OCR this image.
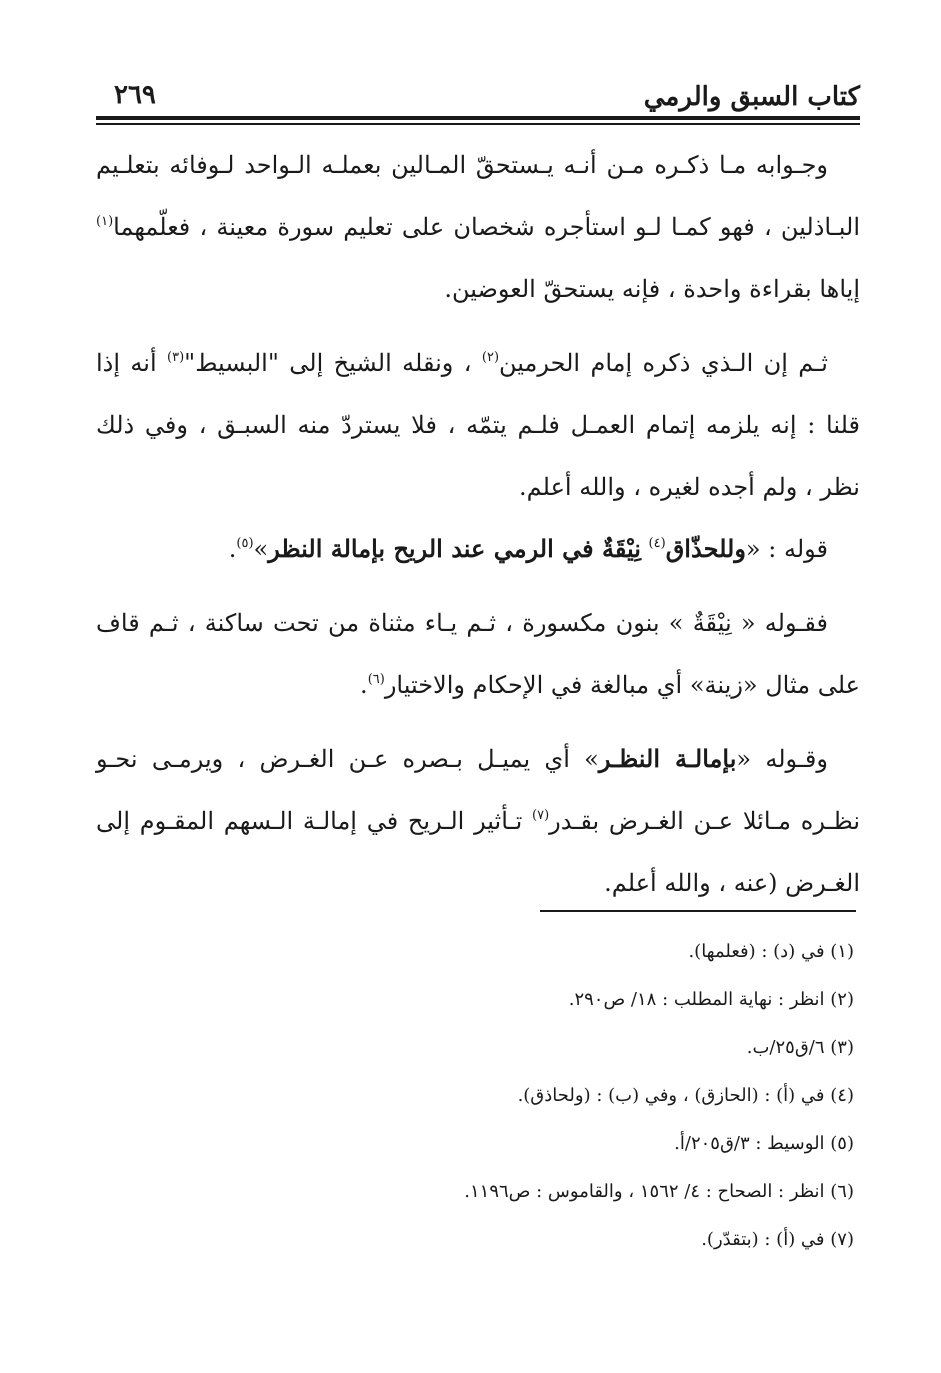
كتاب السبق والرمي
٢٦٩

وجـوابه مـا ذكـره مـن أنـه يـستحقّ المـالين بعملـه الـواحد لـوفائه بتعلـيم البـاذلين ، فهو كمـا لـو استأجره شخصان على تعليم سورة معينة ، فعلّمهما$^{(١)}$ إياها بقراءة واحدة ، فإنه يستحقّ العوضين.

ثـم إن الـذي ذكره إمام الحرمين$^{(٢)}$ ، ونقله الشيخ إلى "البسيط"$^{(٣)}$ أنه إذا قلنا : إنه يلزمه إتمام العمـل فلـم يتمّه ، فلا يستردّ منه السبـق ، وفي ذلك نظر ، ولم أجده لغيره ، والله أعلم.

قوله : «وللحذّاق$^{(٤)}$ نِيْقَةٌ في الرمي عند الريح بإمالة النظر»$^{(٥)}$.

فقـوله « نِيْقَةٌ » بنون مكسورة ، ثـم يـاء مثناة من تحت ساكنة ، ثـم قاف على مثال «زينة» أي مبالغة في الإحكام والاختيار$^{(٦)}$.

وقـوله «بإمالـة النظـر» أي يميـل بـصره عـن الغـرض ، ويرمـى نحـو نظـره مـائلا عـن الغـرض بقـدر$^{(٧)}$ تـأثير الـريح في إمالـة الـسهم المقـوم إلى الغـرض (عنه ، والله أعلم.

(١) في (د) : (فعلمها).

(٢) انظر : نهاية المطلب : ١٨/ ص٢٩٠.

(٣) ٦/ق٢٥/ب.

(٤) في (أ) : (الحازق) ، وفي (ب) : (ولحاذق).

(٥) الوسيط : ٣/ق٢٠٥/أ.

(٦) انظر : الصحاح : ٤/ ١٥٦٢ ، والقاموس : ص١١٩٦.

(٧) في (أ) : (بتقدّر).
